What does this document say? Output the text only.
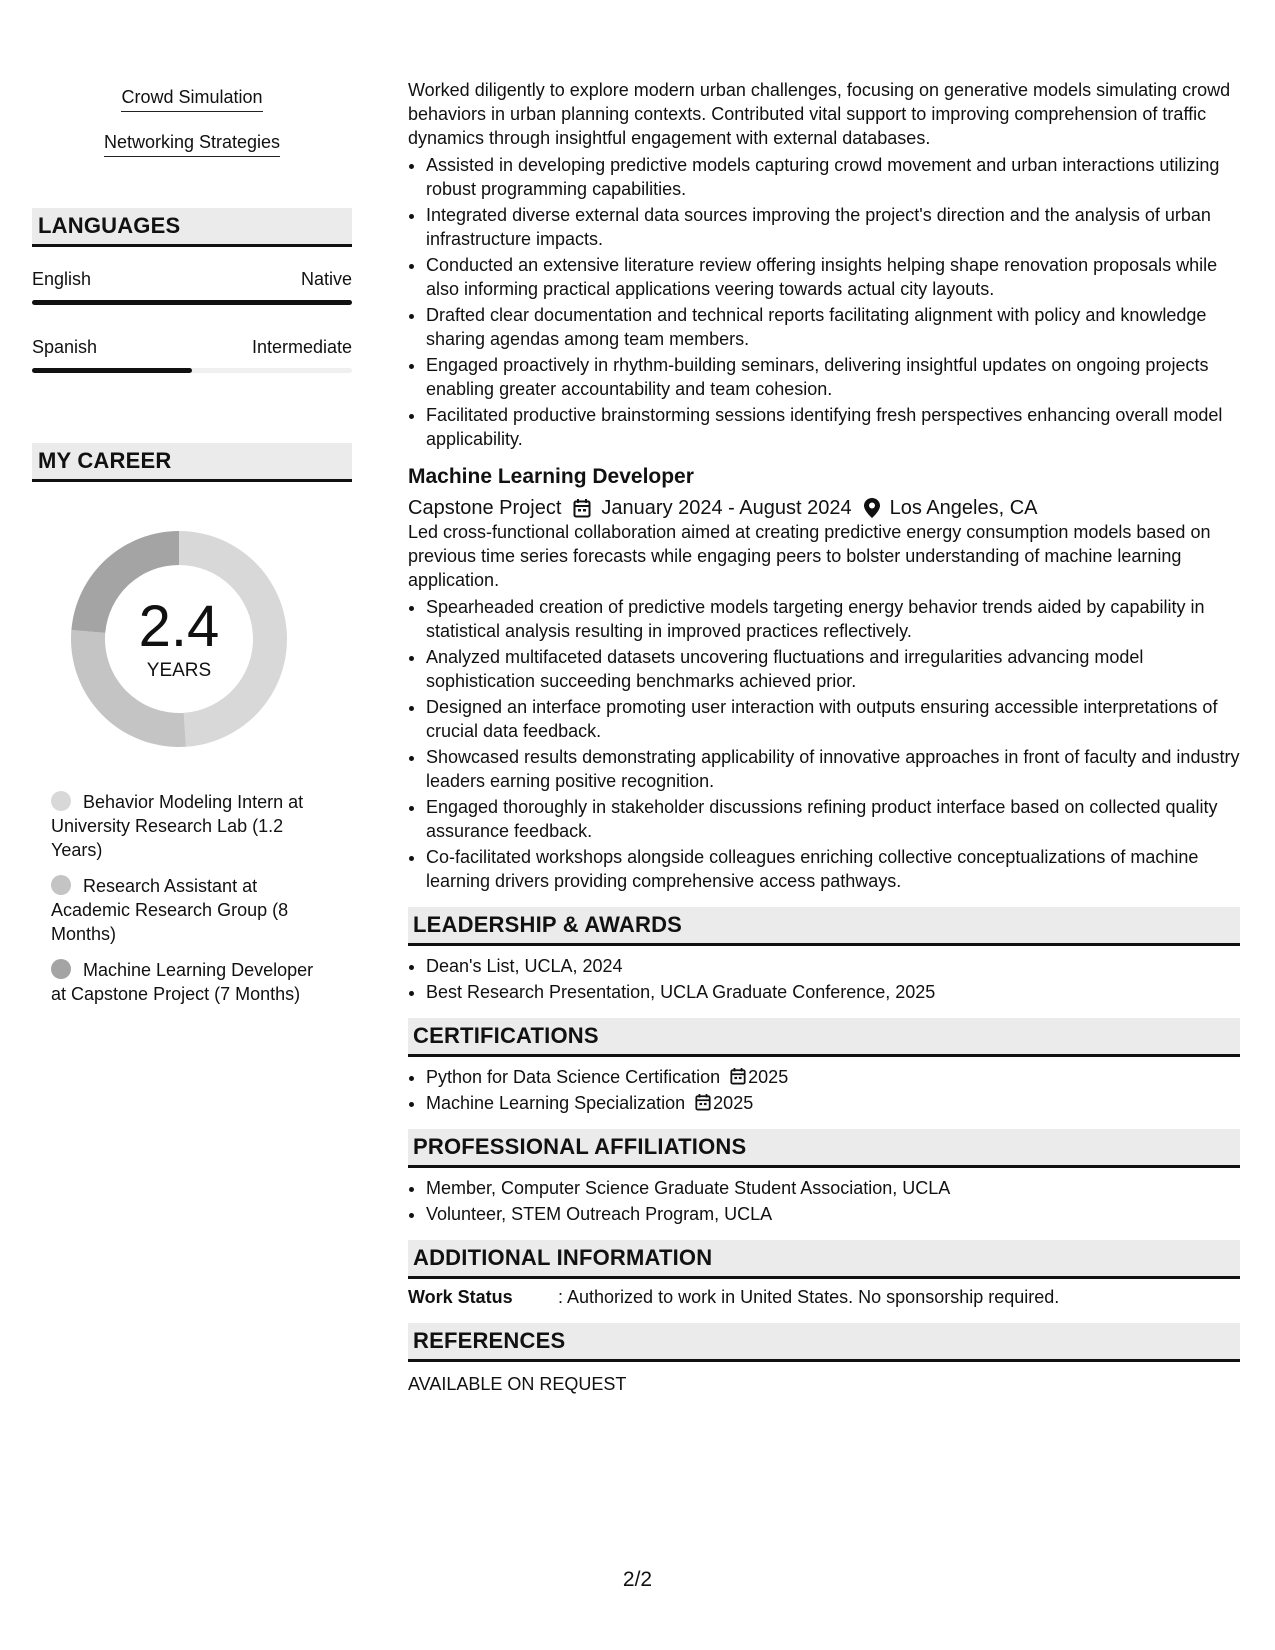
Crowd Simulation
Networking Strategies
LANGUAGES
English	Native
Spanish	Intermediate
MY CAREER
2.4
YEARS
Behavior Modeling Intern at University Research Lab (1.2 Years)
Research Assistant at Academic Research Group (8 Months)
Machine Learning Developer at Capstone Project (7 Months)

Worked diligently to explore modern urban challenges, focusing on generative models simulating crowd behaviors in urban planning contexts. Contributed vital support to improving comprehension of traffic dynamics through insightful engagement with external databases.

• Assisted in developing predictive models capturing crowd movement and urban interactions utilizing robust programming capabilities.
• Integrated diverse external data sources improving the project's direction and the analysis of urban infrastructure impacts.
• Conducted an extensive literature review offering insights helping shape renovation proposals while also informing practical applications veering towards actual city layouts.
• Drafted clear documentation and technical reports facilitating alignment with policy and knowledge sharing agendas among team members.
• Engaged proactively in rhythm-building seminars, delivering insightful updates on ongoing projects enabling greater accountability and team cohesion.
• Facilitated productive brainstorming sessions identifying fresh perspectives enhancing overall model applicability.
Machine Learning Developer
Capstone Project January 2024 - August 2024 Los Angeles, CA

Led cross-functional collaboration aimed at creating predictive energy consumption models based on previous time series forecasts while engaging peers to bolster understanding of machine learning application.

• Spearheaded creation of predictive models targeting energy behavior trends aided by capability in statistical analysis resulting in improved practices reflectively.
• Analyzed multifaceted datasets uncovering fluctuations and irregularities advancing model sophistication succeeding benchmarks achieved prior.
• Designed an interface promoting user interaction with outputs ensuring accessible interpretations of crucial data feedback.
• Showcased results demonstrating applicability of innovative approaches in front of faculty and industry leaders earning positive recognition.
• Engaged thoroughly in stakeholder discussions refining product interface based on collected quality assurance feedback.
• Co-facilitated workshops alongside colleagues enriching collective conceptualizations of machine learning drivers providing comprehensive access pathways.
LEADERSHIP & AWARDS
• Dean's List, UCLA, 2024
• Best Research Presentation, UCLA Graduate Conference, 2025
CERTIFICATIONS
• Python for Data Science Certification 2025
• Machine Learning Specialization 2025
PROFESSIONAL AFFILIATIONS
• Member, Computer Science Graduate Student Association, UCLA
• Volunteer, STEM Outreach Program, UCLA
ADDITIONAL INFORMATION
Work Status	: Authorized to work in United States. No sponsorship required.
REFERENCES
AVAILABLE ON REQUEST
2/2
